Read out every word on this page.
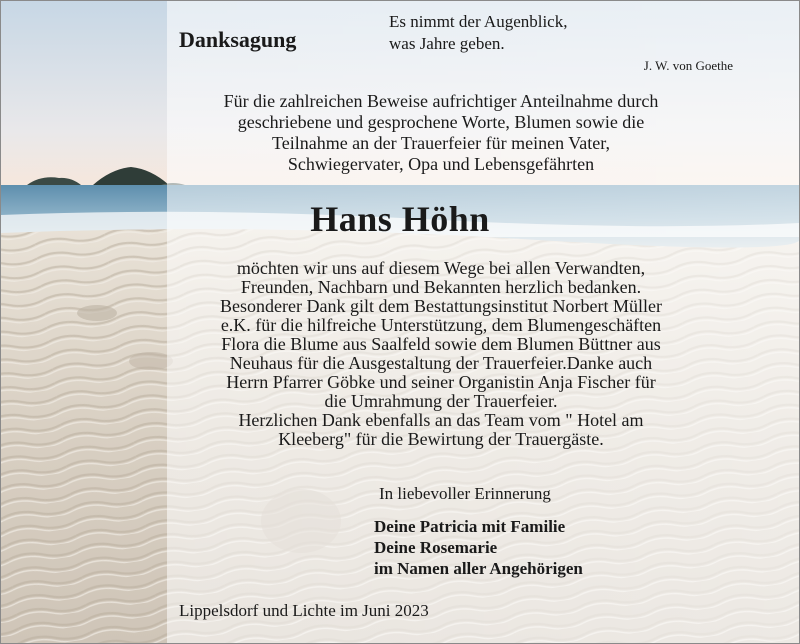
Danksagung
Es nimmt der Augenblick,
was Jahre geben.
J. W. von Goethe
Für die zahlreichen Beweise aufrichtiger Anteilnahme durch
geschriebene und gesprochene Worte, Blumen sowie die
Teilnahme an der Trauerfeier für meinen Vater,
Schwiegervater, Opa und Lebensgefährten
Hans Höhn
möchten wir uns auf diesem Wege bei allen Verwandten,
Freunden, Nachbarn und Bekannten herzlich bedanken.
Besonderer Dank gilt dem Bestattungsinstitut Norbert Müller
e.K. für die hilfreiche Unterstützung, dem Blumengeschäften
Flora die Blume aus Saalfeld sowie dem Blumen Büttner aus
Neuhaus für die Ausgestaltung der Trauerfeier.Danke auch
Herrn Pfarrer Göbke und seiner Organistin Anja Fischer für
die Umrahmung der Trauerfeier.
Herzlichen Dank ebenfalls an das Team vom " Hotel am
Kleeberg" für die Bewirtung der Trauergäste.
In liebevoller Erinnerung
Deine Patricia mit Familie
Deine Rosemarie
im Namen aller Angehörigen
Lippelsdorf und Lichte im Juni 2023
